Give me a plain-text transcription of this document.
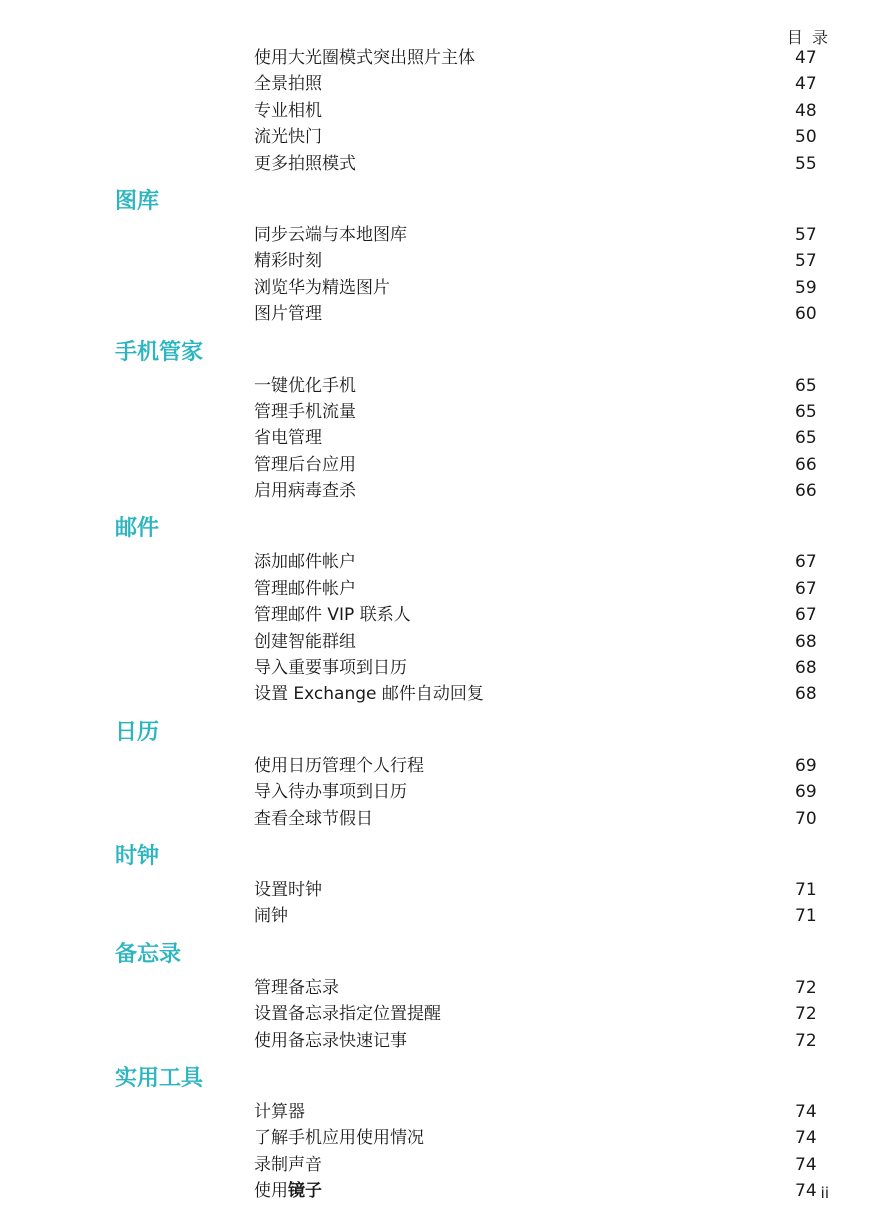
目 录
使用大光圈模式突出照片主体	47
全景拍照	47
专业相机	48
流光快门	50
更多拍照模式	55
图库
同步云端与本地图库	57
精彩时刻	57
浏览华为精选图片	59
图片管理	60
手机管家
一键优化手机	65
管理手机流量	65
省电管理	65
管理后台应用	66
启用病毒查杀	66
邮件
添加邮件帐户	67
管理邮件帐户	67
管理邮件 VIP 联系人	67
创建智能群组	68
导入重要事项到日历	68
设置 Exchange 邮件自动回复	68
日历
使用日历管理个人行程	69
导入待办事项到日历	69
查看全球节假日	70
时钟
设置时钟	71
闹钟	71
备忘录
管理备忘录	72
设置备忘录指定位置提醒	72
使用备忘录快速记事	72
实用工具
计算器	74
了解手机应用使用情况	74
录制声音	74
使用镜子	74 ii
